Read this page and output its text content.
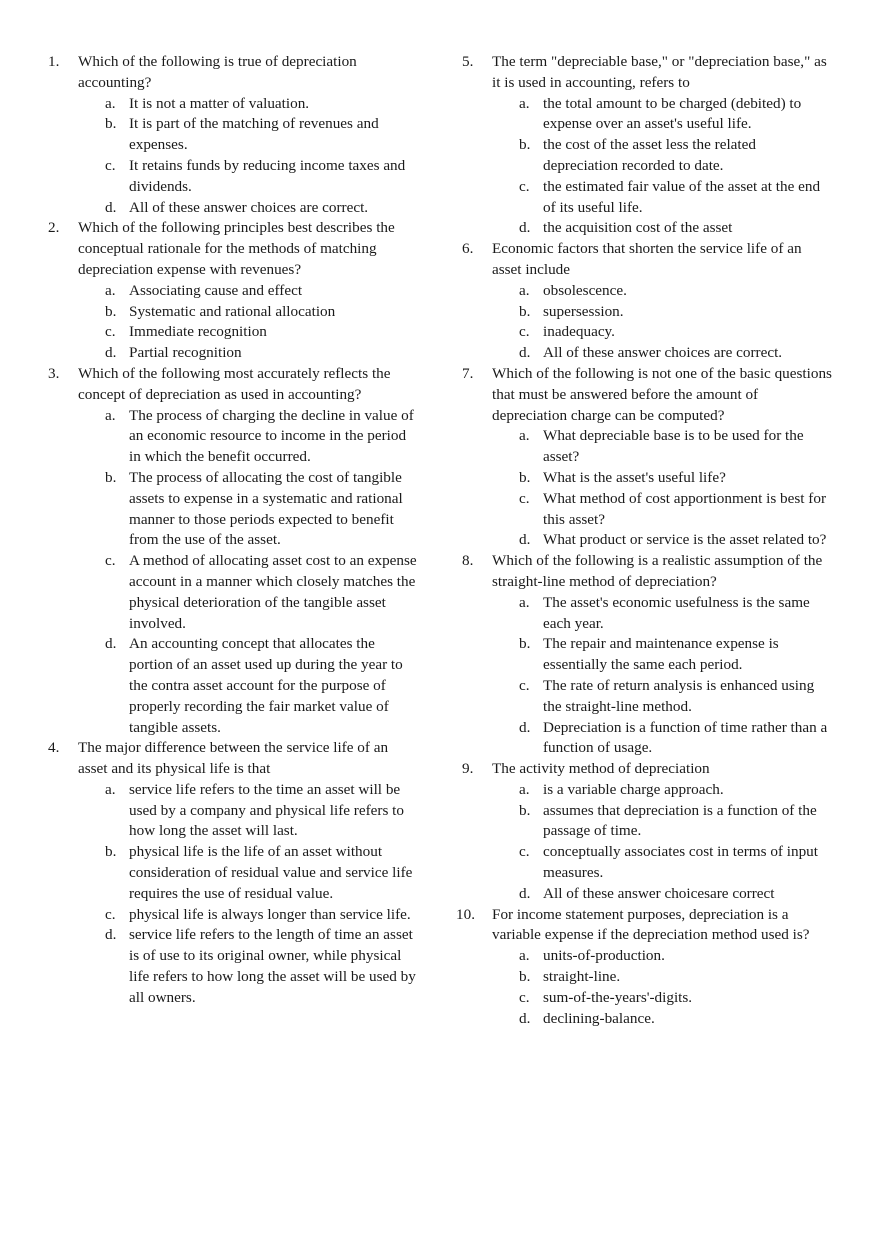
1.	Which of the following is true of depreciation accounting?
a. It is not a matter of valuation.
b. It is part of the matching of revenues and expenses.
c. It retains funds by reducing income taxes and dividends.
d. All of these answer choices are correct.
2.	Which of the following principles best describes the conceptual rationale for the methods of matching depreciation expense with revenues?
a. Associating cause and effect
b. Systematic and rational allocation
c. Immediate recognition
d. Partial recognition
3.	Which of the following most accurately reflects the concept of depreciation as used in accounting?
a. The process of charging the decline in value of an economic resource to income in the period in which the benefit occurred.
b. The process of allocating the cost of tangible assets to expense in a systematic and rational manner to those periods expected to benefit from the use of the asset.
c. A method of allocating asset cost to an expense account in a manner which closely matches the physical deterioration of the tangible asset involved.
d. An accounting concept that allocates the portion of an asset used up during the year to the contra asset account for the purpose of properly recording the fair market value of tangible assets.
4.	The major difference between the service life of an asset and its physical life is that
a. service life refers to the time an asset will be used by a company and physical life refers to how long the asset will last.
b. physical life is the life of an asset without consideration of residual value and service life requires the use of residual value.
c. physical life is always longer than service life.
d. service life refers to the length of time an asset is of use to its original owner, while physical life refers to how long the asset will be used by all owners.
5.	The term "depreciable base," or "depreciation base," as it is used in accounting, refers to
a. the total amount to be charged (debited) to expense over an asset's useful life.
b. the cost of the asset less the related depreciation recorded to date.
c. the estimated fair value of the asset at the end of its useful life.
d. the acquisition cost of the asset
6.	Economic factors that shorten the service life of an asset include
a. obsolescence.
b. supersession.
c. inadequacy.
d. All of these answer choices are correct.
7.	Which of the following is not one of the basic questions that must be answered before the amount of depreciation charge can be computed?
a. What depreciable base is to be used for the asset?
b. What is the asset's useful life?
c. What method of cost apportionment is best for this asset?
d. What product or service is the asset related to?
8.	Which of the following is a realistic assumption of the straight-line method of depreciation?
a. The asset's economic usefulness is the same each year.
b. The repair and maintenance expense is essentially the same each period.
c. The rate of return analysis is enhanced using the straight-line method.
d. Depreciation is a function of time rather than a function of usage.
9.	The activity method of depreciation
a. is a variable charge approach.
b. assumes that depreciation is a function of the passage of time.
c. conceptually associates cost in terms of input measures.
d. All of these answer choicesare correct
10.	For income statement purposes, depreciation is a variable expense if the depreciation method used is?
a. units-of-production.
b. straight-line.
c. sum-of-the-years'-digits.
d. declining-balance.
